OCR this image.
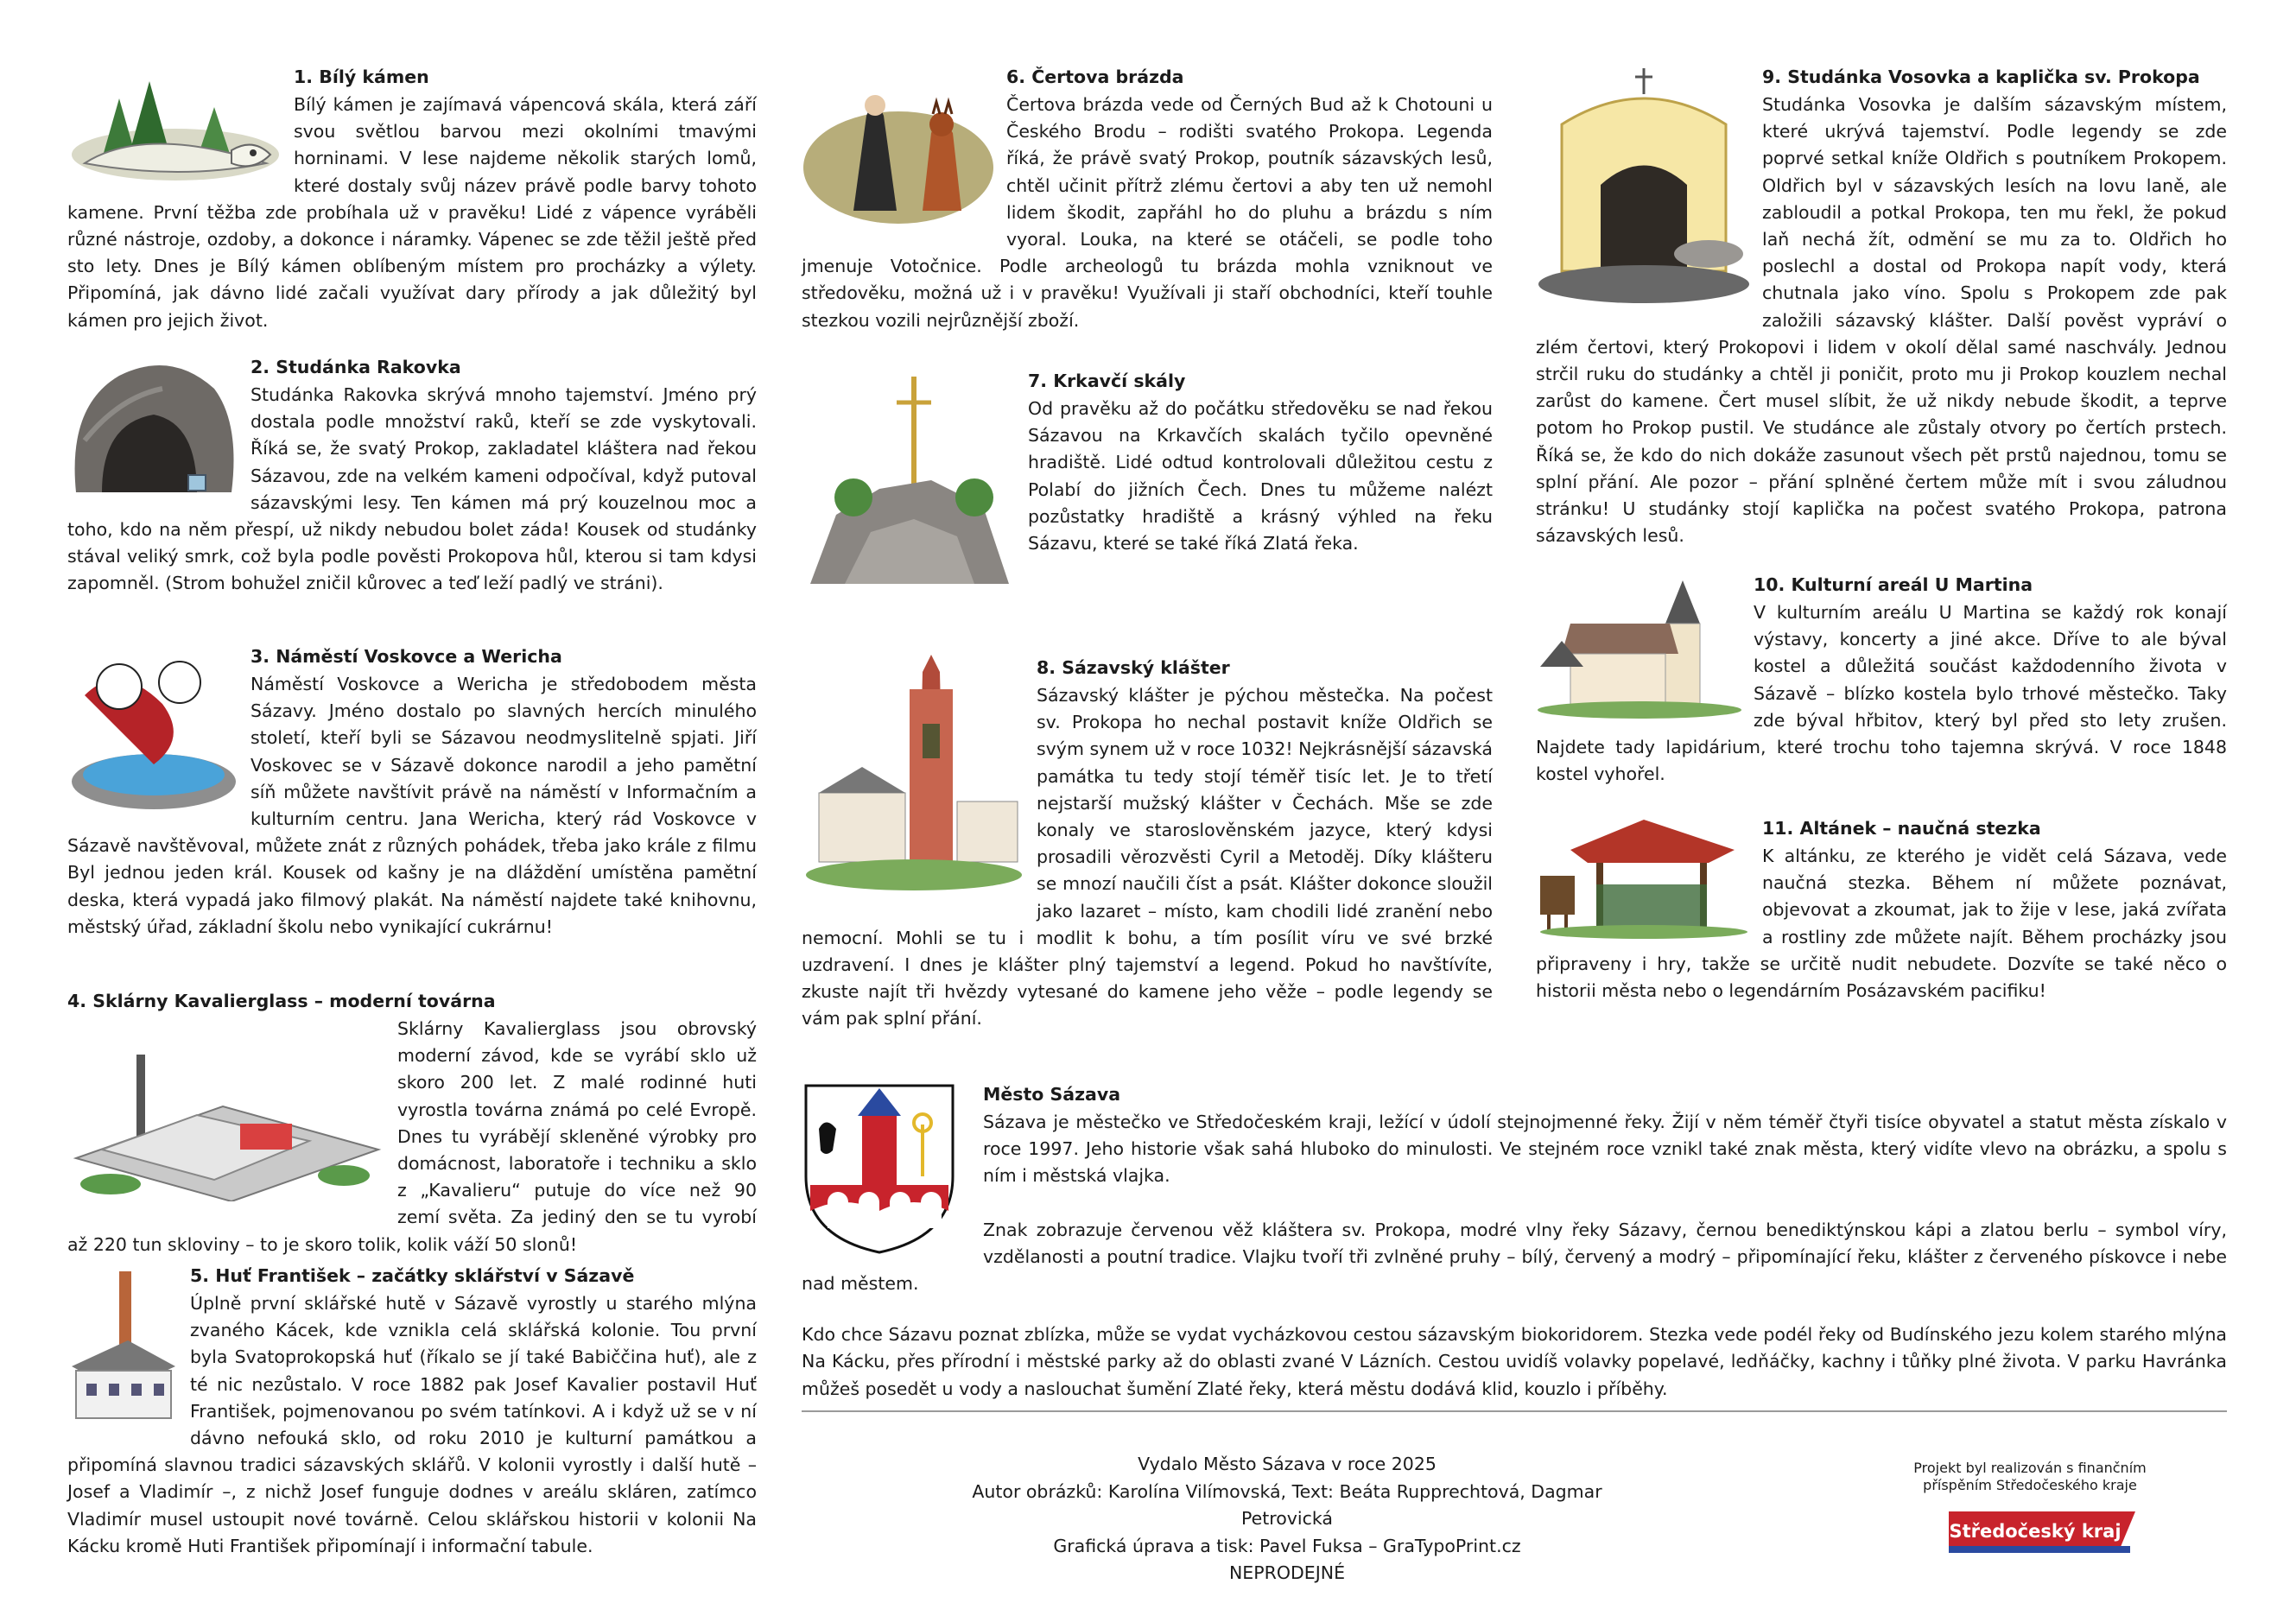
1. Bílý kámen

Bílý kámen je zajímavá vápencová skála, která září svou světlou barvou mezi okolními tmavými horninami. V lese najdeme několik starých lomů, které dostaly svůj název právě podle barvy tohoto kamene. První těžba zde probíhala už v pravěku! Lidé z vápence vyráběli různé nástroje, ozdoby, a dokonce i náramky. Vápenec se zde těžil ještě před sto lety. Dnes je Bílý kámen oblíbeným místem pro procházky a výlety. Připomíná, jak dávno lidé začali využívat dary přírody a jak důležitý byl kámen pro jejich život.

2. Studánka Rakovka

Studánka Rakovka skrývá mnoho tajemství. Jméno prý dostala podle množství raků, kteří se zde vyskytovali. Říká se, že svatý Prokop, zakladatel kláštera nad řekou Sázavou, zde na velkém kameni odpočíval, když putoval sázavskými lesy. Ten kámen má prý kouzelnou moc a toho, kdo na něm přespí, už nikdy nebudou bolet záda! Kousek od studánky stával veliký smrk, což byla podle pověsti Prokopova hůl, kterou si tam kdysi zapomněl. (Strom bohužel zničil kůrovec a teď leží padlý ve stráni).

3. Náměstí Voskovce a Wericha

Náměstí Voskovce a Wericha je středobodem města Sázavy. Jméno dostalo po slavných hercích minulého století, kteří byli se Sázavou neodmyslitelně spjati. Jiří Voskovec se v Sázavě dokonce narodil a jeho pamětní síň můžete navštívit právě na náměstí v Informačním a kulturním centru. Jana Wericha, který rád Voskovce v Sázavě navštěvoval, můžete znát z různých pohádek, třeba jako krále z filmu Byl jednou jeden král. Kousek od kašny je na dláždění umístěna pamětní deska, která vypadá jako filmový plakát. Na náměstí najdete také knihovnu, městský úřad, základní školu nebo vynikající cukrárnu!

4. Sklárny Kavalierglass – moderní továrna

Sklárny Kavalierglass jsou obrovský moderní závod, kde se vyrábí sklo už skoro 200 let. Z malé rodinné huti vyrostla továrna známá po celé Evropě. Dnes tu vyrábějí skleněné výrobky pro domácnost, laboratoře i techniku a sklo z „Kavalieru“ putuje do více než 90 zemí světa. Za jediný den se tu vyrobí až 220 tun skloviny – to je skoro tolik, kolik váží 50 slonů!

5. Huť František – začátky sklářství v Sázavě

Úplně první sklářské hutě v Sázavě vyrostly u starého mlýna zvaného Kácek, kde vznikla celá sklářská kolonie. Tou první byla Svatoprokopská huť (říkalo se jí také Babiččina huť), ale z té nic nezůstalo. V roce 1882 pak Josef Kavalier postavil Huť František, pojmenovanou po svém tatínkovi. A i když už se v ní dávno nefouká sklo, od roku 2010 je kulturní památkou a připomíná slavnou tradici sázavských sklářů. V kolonii vyrostly i další hutě – Josef a Vladimír –, z nichž Josef funguje dodnes v areálu skláren, zatímco Vladimír musel ustoupit nové továrně. Celou sklářskou historii v kolonii Na Kácku kromě Huti František připomínají i informační tabule.

6. Čertova brázda

Čertova brázda vede od Černých Bud až k Chotouni u Českého Brodu – rodišti svatého Prokopa. Legenda říká, že právě svatý Prokop, poutník sázavských lesů, chtěl učinit přítrž zlému čertovi a aby ten už nemohl lidem škodit, zapřáhl ho do pluhu a brázdu s ním vyoral. Louka, na které se otáčeli, se podle toho jmenuje Votočnice. Podle archeologů tu brázda mohla vzniknout ve středověku, možná už i v pravěku! Využívali ji staří obchodníci, kteří touhle stezkou vozili nejrůznější zboží.

7. Krkavčí skály

Od pravěku až do počátku středověku se nad řekou Sázavou na Krkavčích skalách tyčilo opevněné hradiště. Lidé odtud kontrolovali důležitou cestu z Polabí do jižních Čech. Dnes tu můžeme nalézt pozůstatky hradiště a krásný výhled na řeku Sázavu, které se také říká Zlatá řeka.

8. Sázavský klášter

Sázavský klášter je pýchou městečka. Na počest sv. Prokopa ho nechal postavit kníže Oldřich se svým synem už v roce 1032! Nejkrásnější sázavská památka tu tedy stojí téměř tisíc let. Je to třetí nejstarší mužský klášter v Čechách. Mše se zde konaly ve staroslověnském jazyce, který kdysi prosadili věrozvěsti Cyril a Metoděj. Díky klášteru se mnozí naučili číst a psát. Klášter dokonce sloužil jako lazaret – místo, kam chodili lidé zranění nebo nemocní. Mohli se tu i modlit k bohu, a tím posílit víru ve své brzké uzdravení. I dnes je klášter plný tajemství a legend. Pokud ho navštívíte, zkuste najít tři hvězdy vytesané do kamene jeho věže – podle legendy se vám pak splní přání.

9. Studánka Vosovka a kaplička sv. Prokopa

Studánka Vosovka je dalším sázavským místem, které ukrývá tajemství. Podle legendy se zde poprvé setkal kníže Oldřich s poutníkem Prokopem. Oldřich byl v sázavských lesích na lovu laně, ale zabloudil a potkal Prokopa, ten mu řekl, že pokud laň nechá žít, odmění se mu za to. Oldřich ho poslechl a dostal od Prokopa napít vody, která chutnala jako víno. Spolu s Prokopem zde pak založili sázavský klášter. Další pověst vypráví o zlém čertovi, který Prokopovi i lidem v okolí dělal samé naschvály. Jednou strčil ruku do studánky a chtěl ji poničit, proto mu ji Prokop kouzlem nechal zarůst do kamene. Čert musel slíbit, že už nikdy nebude škodit, a teprve potom ho Prokop pustil. Ve studánce ale zůstaly otvory po čertích prstech. Říká se, že kdo do nich dokáže zasunout všech pět prstů najednou, tomu se splní přání. Ale pozor – přání splněné čertem může mít i svou záludnou stránku! U studánky stojí kaplička na počest svatého Prokopa, patrona sázavských lesů.

10. Kulturní areál U Martina

V kulturním areálu U Martina se každý rok konají výstavy, koncerty a jiné akce. Dříve to ale býval kostel a důležitá součást každodenního života v Sázavě – blízko kostela bylo trhové městečko. Taky zde býval hřbitov, který byl před sto lety zrušen. Najdete tady lapidárium, které trochu toho tajemna skrývá. V roce 1848 kostel vyhořel.

11. Altánek – naučná stezka

K altánku, ze kterého je vidět celá Sázava, vede naučná stezka. Během ní můžete poznávat, objevovat a zkoumat, jak to žije v lese, jaká zvířata a rostliny zde můžete najít. Během procházky jsou připraveny i hry, takže se určitě nudit nebudete. Dozvíte se také něco o historii města nebo o legendárním Posázavském pacifiku!

Město Sázava

Sázava je městečko ve Středočeském kraji, ležící v údolí stejnojmenné řeky. Žijí v něm téměř čtyři tisíce obyvatel a statut města získalo v roce 1997. Jeho historie však sahá hluboko do minulosti. Ve stejném roce vznikl také znak města, který vidíte vlevo na obrázku, a spolu s ním i městská vlajka.

Znak zobrazuje červenou věž kláštera sv. Prokopa, modré vlny řeky Sázavy, černou benediktýnskou kápi a zlatou berlu – symbol víry, vzdělanosti a poutní tradice. Vlajku tvoří tři zvlněné pruhy – bílý, červený a modrý – připomínající řeku, klášter z červeného pískovce i nebe nad městem.

Kdo chce Sázavu poznat zblízka, může se vydat vycházkovou cestou sázavským biokoridorem. Stezka vede podél řeky od Budínského jezu kolem starého mlýna Na Kácku, přes přírodní i městské parky až do oblasti zvané V Lázních. Cestou uvidíš volavky popelavé, ledňáčky, kachny i tůňky plné života. V parku Havránka můžeš posedět u vody a naslouchat šumění Zlaté řeky, která městu dodává klid, kouzlo i příběhy.

Vydalo Město Sázava v roce 2025
Autor obrázků: Karolína Vilímovská, Text: Beáta Rupprechtová, Dagmar Petrovická
Grafická úprava a tisk: Pavel Fuksa – GraTypoPrint.cz
NEPRODEJNÉ
Projekt byl realizován s finančním příspěním Středočeského kraje
Středočeský kraj
